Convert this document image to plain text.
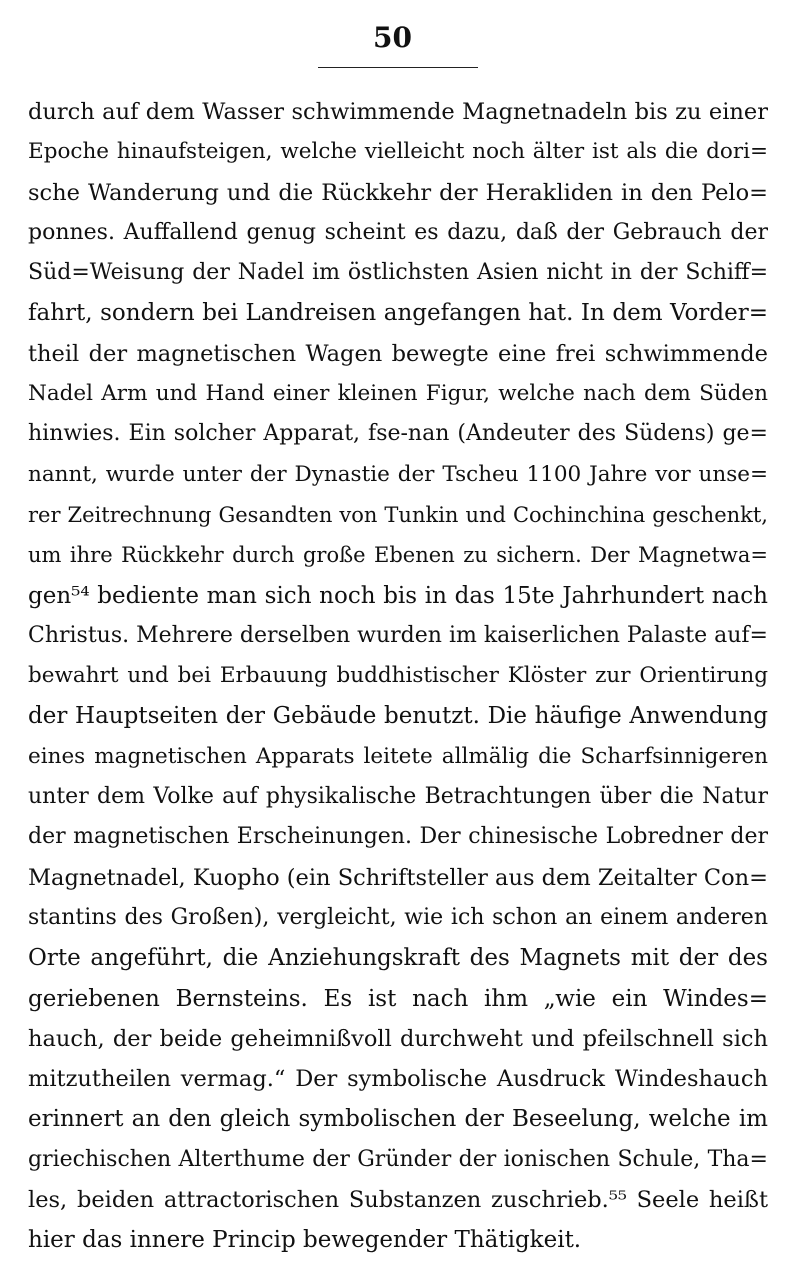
50
durch auf dem Wasser schwimmende Magnetnadeln bis zu einer
Epoche hinaufsteigen, welche vielleicht noch älter ist als die dori=
sche Wanderung und die Rückkehr der Herakliden in den Pelo=
ponnes. Auffallend genug scheint es dazu, daß der Gebrauch der
Süd=Weisung der Nadel im östlichsten Asien nicht in der Schiff=
fahrt, sondern bei Landreisen angefangen hat. In dem Vorder=
theil der magnetischen Wagen bewegte eine frei schwimmende
Nadel Arm und Hand einer kleinen Figur, welche nach dem Süden
hinwies. Ein solcher Apparat, fse-nan (Andeuter des Südens) ge=
nannt, wurde unter der Dynastie der Tscheu 1100 Jahre vor unse=
rer Zeitrechnung Gesandten von Tunkin und Cochinchina geschenkt,
um ihre Rückkehr durch große Ebenen zu sichern. Der Magnetwa=
gen⁵⁴ bediente man sich noch bis in das 15te Jahrhundert nach
Christus. Mehrere derselben wurden im kaiserlichen Palaste auf=
bewahrt und bei Erbauung buddhistischer Klöster zur Orientirung
der Hauptseiten der Gebäude benutzt. Die häufige Anwendung
eines magnetischen Apparats leitete allmälig die Scharfsinnigeren
unter dem Volke auf physikalische Betrachtungen über die Natur
der magnetischen Erscheinungen. Der chinesische Lobredner der
Magnetnadel, Kuopho (ein Schriftsteller aus dem Zeitalter Con=
stantins des Großen), vergleicht, wie ich schon an einem anderen
Orte angeführt, die Anziehungskraft des Magnets mit der des
geriebenen Bernsteins. Es ist nach ihm „wie ein Windes=
hauch, der beide geheimnißvoll durchweht und pfeilschnell sich
mitzutheilen vermag.“ Der symbolische Ausdruck Windeshauch
erinnert an den gleich symbolischen der Beseelung, welche im
griechischen Alterthume der Gründer der ionischen Schule, Tha=
les, beiden attractorischen Substanzen zuschrieb.⁵⁵ Seele heißt
hier das innere Princip bewegender Thätigkeit.
